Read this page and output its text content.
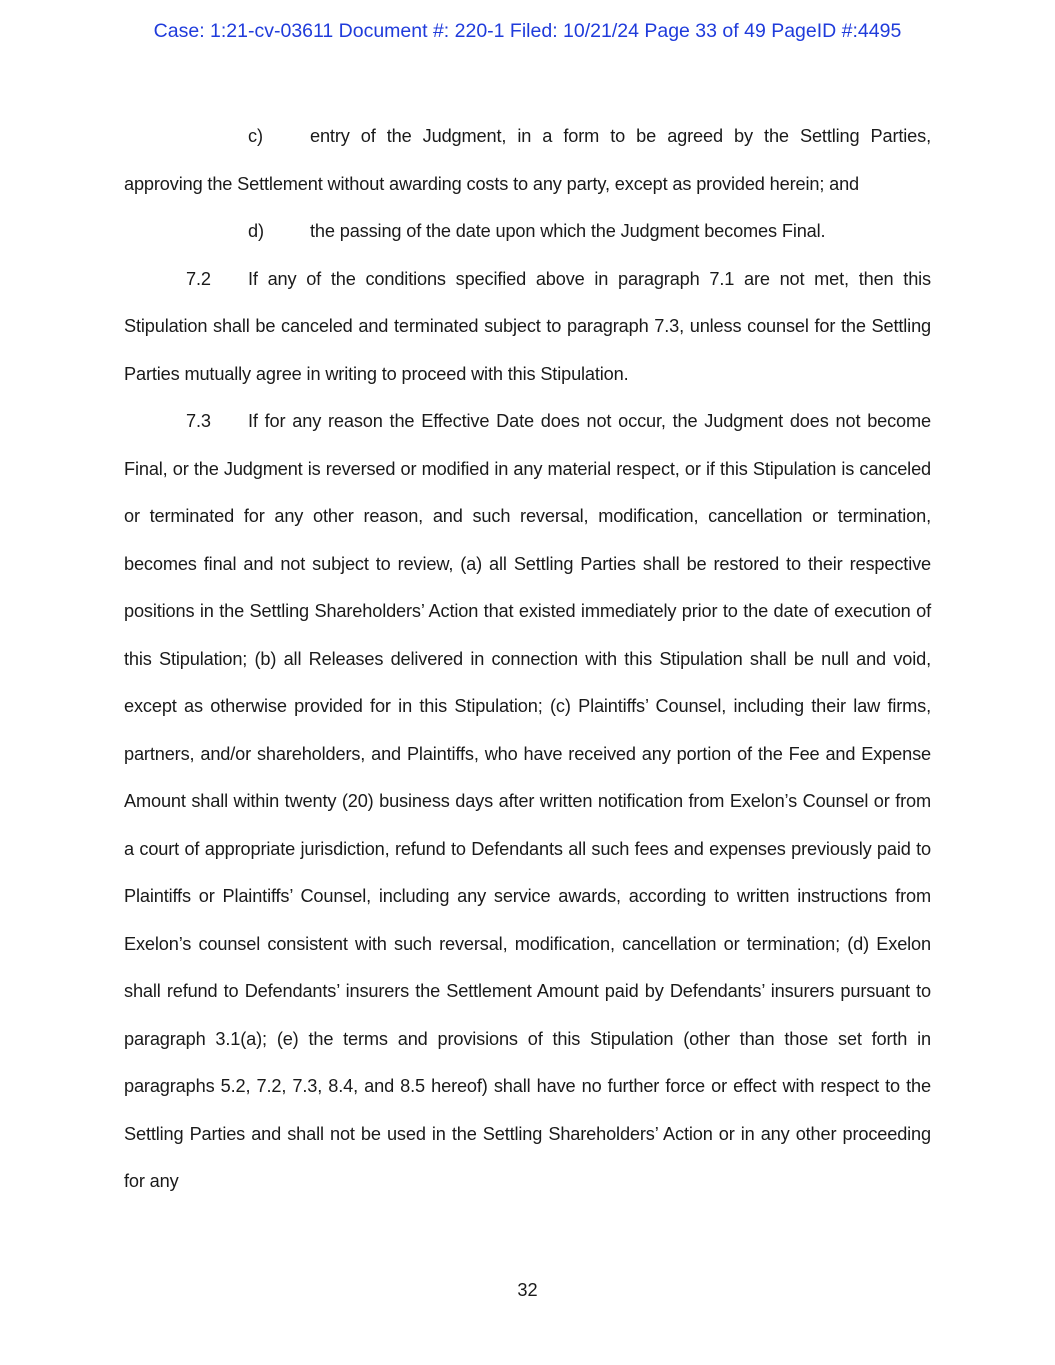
Case: 1:21-cv-03611 Document #: 220-1 Filed: 10/21/24 Page 33 of 49 PageID #:4495

c)	entry of the Judgment, in a form to be agreed by the Settling Parties,

approving the Settlement without awarding costs to any party, except as provided herein; and

d)	the passing of the date upon which the Judgment becomes Final.

7.2 If any of the conditions specified above in paragraph 7.1 are not met, then this Stipulation shall be canceled and terminated subject to paragraph 7.3, unless counsel for the Settling Parties mutually agree in writing to proceed with this Stipulation.

7.3 If for any reason the Effective Date does not occur, the Judgment does not become Final, or the Judgment is reversed or modified in any material respect, or if this Stipulation is canceled or terminated for any other reason, and such reversal, modification, cancellation or termination, becomes final and not subject to review, (a) all Settling Parties shall be restored to their respective positions in the Settling Shareholders’ Action that existed immediately prior to the date of execution of this Stipulation; (b) all Releases delivered in connection with this Stipulation shall be null and void, except as otherwise provided for in this Stipulation; (c) Plaintiffs’ Counsel, including their law firms, partners, and/or shareholders, and Plaintiffs, who have received any portion of the Fee and Expense Amount shall within twenty (20) business days after written notification from Exelon’s Counsel or from a court of appropriate jurisdiction, refund to Defendants all such fees and expenses previously paid to Plaintiffs or Plaintiffs’ Counsel, including any service awards, according to written instructions from Exelon’s counsel consistent with such reversal, modification, cancellation or termination; (d) Exelon shall refund to Defendants’ insurers the Settlement Amount paid by Defendants’ insurers pursuant to paragraph 3.1(a); (e) the terms and provisions of this Stipulation (other than those set forth in paragraphs 5.2, 7.2, 7.3, 8.4, and 8.5 hereof) shall have no further force or effect with respect to the Settling Parties and shall not be used in the Settling Shareholders’ Action or in any other proceeding for any

32
